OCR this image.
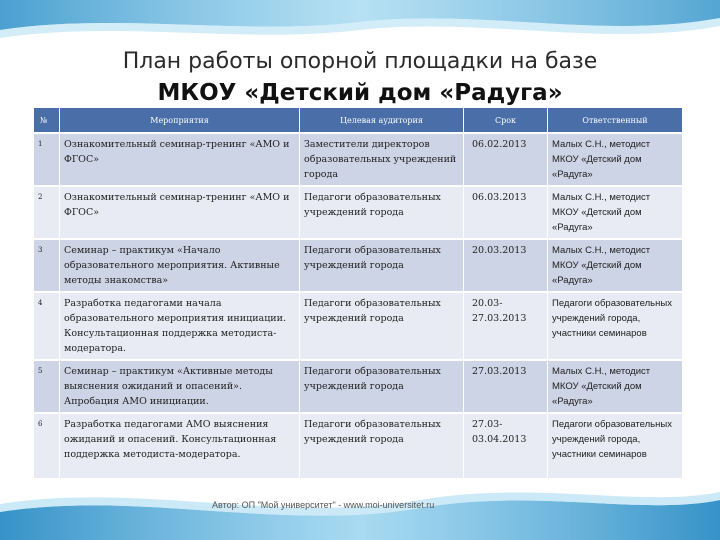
План работы опорной площадки на базе
МКОУ «Детский дом «Радуга»
№	Мероприятия	Целевая аудитория	Срок	Ответственный
1	Ознакомительный семинар-тренинг «АМО и ФГОС»	Заместители директоров образовательных учреждений города	06.02.2013	Малых С.Н., методист МКОУ «Детский дом «Радуга»
2	Ознакомительный семинар-тренинг «АМО и ФГОС»	Педагоги образовательных учреждений города	06.03.2013	Малых С.Н., методист МКОУ «Детский дом «Радуга»
3	Семинар – практикум «Начало образовательного мероприятия. Активные методы знакомства»	Педагоги образовательных учреждений города	20.03.2013	Малых С.Н., методист МКОУ «Детский дом «Радуга»
4	Разработка педагогами начала образовательного мероприятия инициации. Консультационная поддержка методиста-модератора.	Педагоги образовательных учреждений города	20.03-27.03.2013	Педагоги образовательных учреждений города, участники семинаров
5	Семинар – практикум «Активные методы выяснения ожиданий и опасений». Апробация АМО инициации.	Педагоги образовательных учреждений города	27.03.2013	Малых С.Н., методист МКОУ «Детский дом «Радуга»
6	Разработка педагогами АМО выяснения ожиданий и опасений. Консультационная поддержка методиста-модератора.	Педагоги образовательных учреждений города	27.03-03.04.2013	Педагоги образовательных учреждений города, участники семинаров
Автор: ОП "Мой университет" - www.moi-universitet.ru
